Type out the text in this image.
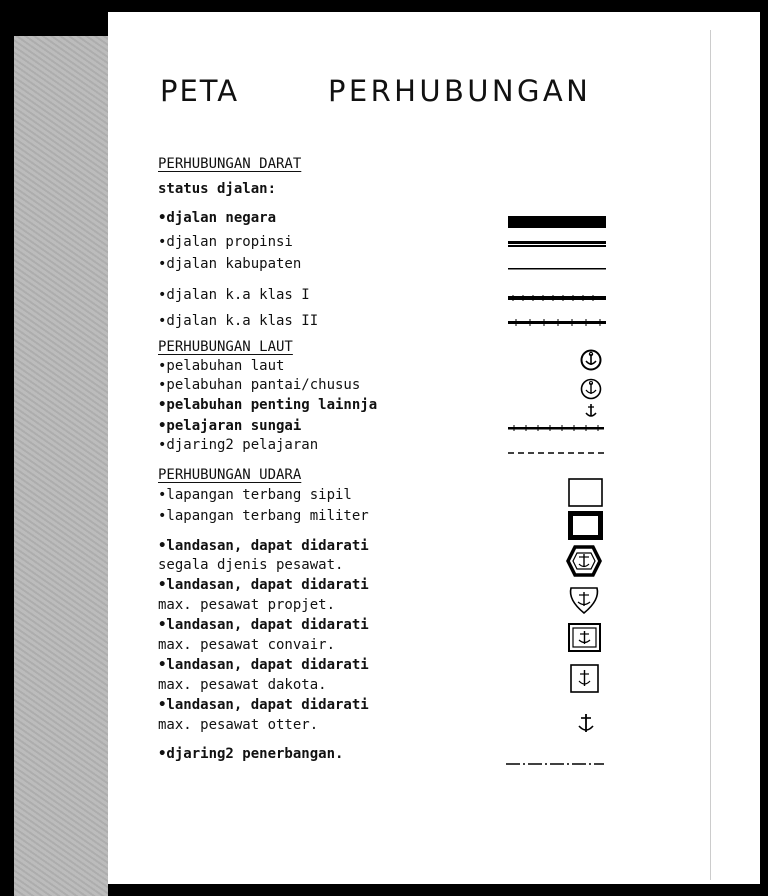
PETA	PERHUBUNGAN
PERHUBUNGAN DARAT
status djalan:
•djalan negara
•djalan propinsi
•djalan kabupaten
•djalan k.a klas I
•djalan k.a klas II
PERHUBUNGAN LAUT
•pelabuhan laut
•pelabuhan pantai/chusus
•pelabuhan penting lainnja
•pelajaran sungai
•djaring2 pelajaran
PERHUBUNGAN UDARA
•lapangan terbang sipil
•lapangan terbang militer
•landasan, dapat didarati
segala djenis pesawat.
•landasan, dapat didarati
max. pesawat propjet.
•landasan, dapat didarati
max. pesawat convair.
•landasan, dapat didarati
max. pesawat dakota.
•landasan, dapat didarati
max. pesawat otter.
•djaring2 penerbangan.
